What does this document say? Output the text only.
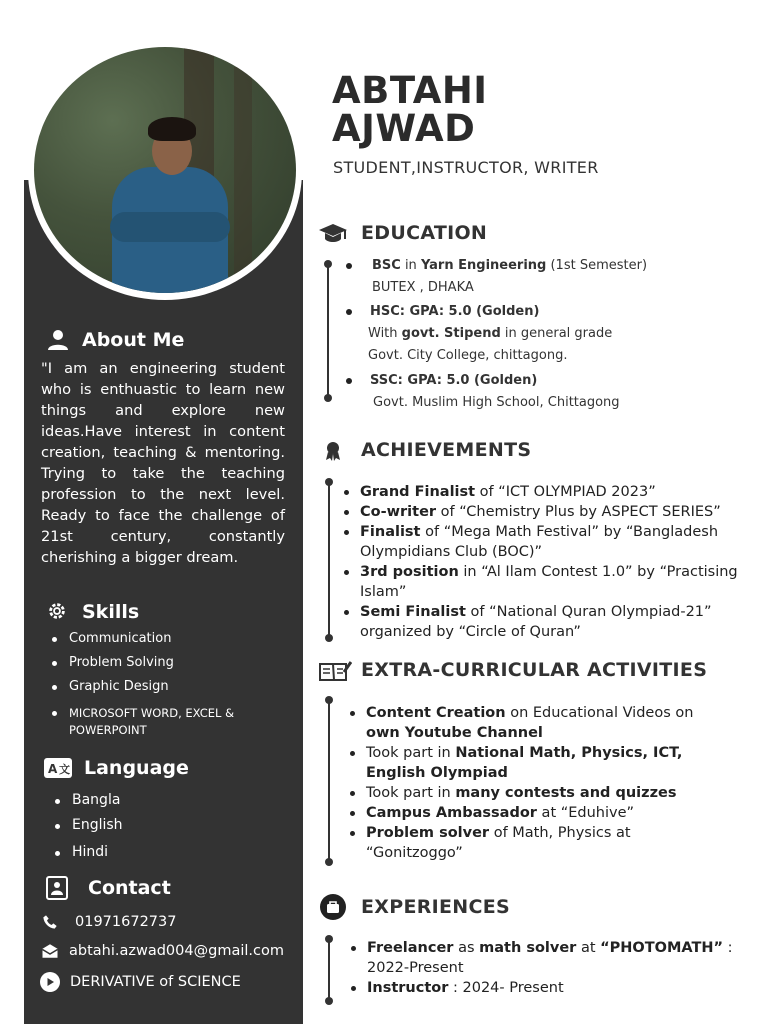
About Me

"I am an engineering student who is enthuastic to learn new things and explore new ideas.Have interest in content creation, teaching & mentoring. Trying to take the teaching profession to the next level. Ready to face the challenge of 21st century, constantly cherishing a bigger dream.

Skills
Communication
Problem Solving
Graphic Design
MICROSOFT WORD, EXCEL & POWERPOINT
A 文 Language
Bangla
English
Hindi
Contact
01971672737
abtahi.azwad004@gmail.com
DERIVATIVE of SCIENCE
ABTAHI
AJWAD
STUDENT,INSTRUCTOR, WRITER
EDUCATION
BSC in Yarn Engineering (1st Semester)
BUTEX , DHAKA
HSC: GPA: 5.0 (Golden)
With govt. Stipend in general grade
Govt. City College, chittagong.
SSC: GPA: 5.0 (Golden)
Govt. Muslim High School, Chittagong
ACHIEVEMENTS
Grand Finalist of “ICT OLYMPIAD 2023”
Co-writer of “Chemistry Plus by ASPECT SERIES”
Finalist of “Mega Math Festival” by “Bangladesh Olympidians Club (BOC)”
3rd position in “Al Ilam Contest 1.0” by “Practising Islam”
Semi Finalist of “National Quran Olympiad-21” organized by “Circle of Quran”
EXTRA-CURRICULAR ACTIVITIES
Content Creation on Educational Videos on own Youtube Channel
Took part in National Math, Physics, ICT, English Olympiad
Took part in many contests and quizzes
Campus Ambassador at “Eduhive”
Problem solver of Math, Physics at “Gonitzoggo”
EXPERIENCES
Freelancer as math solver at “PHOTOMATH” : 2022-Present
Instructor : 2024- Present
